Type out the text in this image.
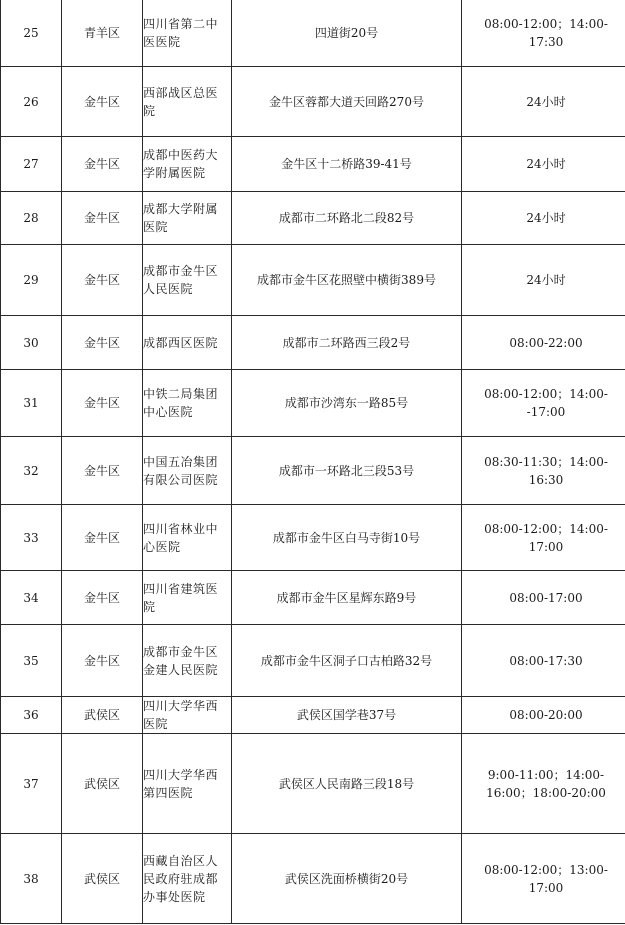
25	青羊区	四川省第二中医医院	四道街20号	08:00-12:00；14:00-17:30

26	金牛区	西部战区总医院	金牛区蓉都大道天回路270号	24小时

27	金牛区	成都中医药大学附属医院	金牛区十二桥路39-41号	24小时

28	金牛区	成都大学附属医院	成都市二环路北二段82号	24小时

29	金牛区	成都市金牛区人民医院	成都市金牛区花照壁中横街389号	24小时

30	金牛区	成都西区医院	成都市二环路西三段2号	08:00-22:00

31	金牛区	中铁二局集团中心医院	成都市沙湾东一路85号	08:00-12:00；14:00--17:00

32	金牛区	中国五冶集团有限公司医院	成都市一环路北三段53号	08:30-11:30；14:00-16:30

33	金牛区	四川省林业中心医院	成都市金牛区白马寺街10号	08:00-12:00；14:00-17:00

34	金牛区	四川省建筑医院	成都市金牛区星辉东路9号	08:00-17:00

35	金牛区	成都市金牛区金建人民医院	成都市金牛区洞子口古柏路32号	08:00-17:30

36	武侯区	四川大学华西医院	武侯区国学巷37号	08:00-20:00

37	武侯区	四川大学华西第四医院	武侯区人民南路三段18号	9:00-11:00；14:00-16:00；18:00-20:00

38	武侯区	西藏自治区人民政府驻成都办事处医院	武侯区洗面桥横街20号	08:00-12:00；13:00-17:00
